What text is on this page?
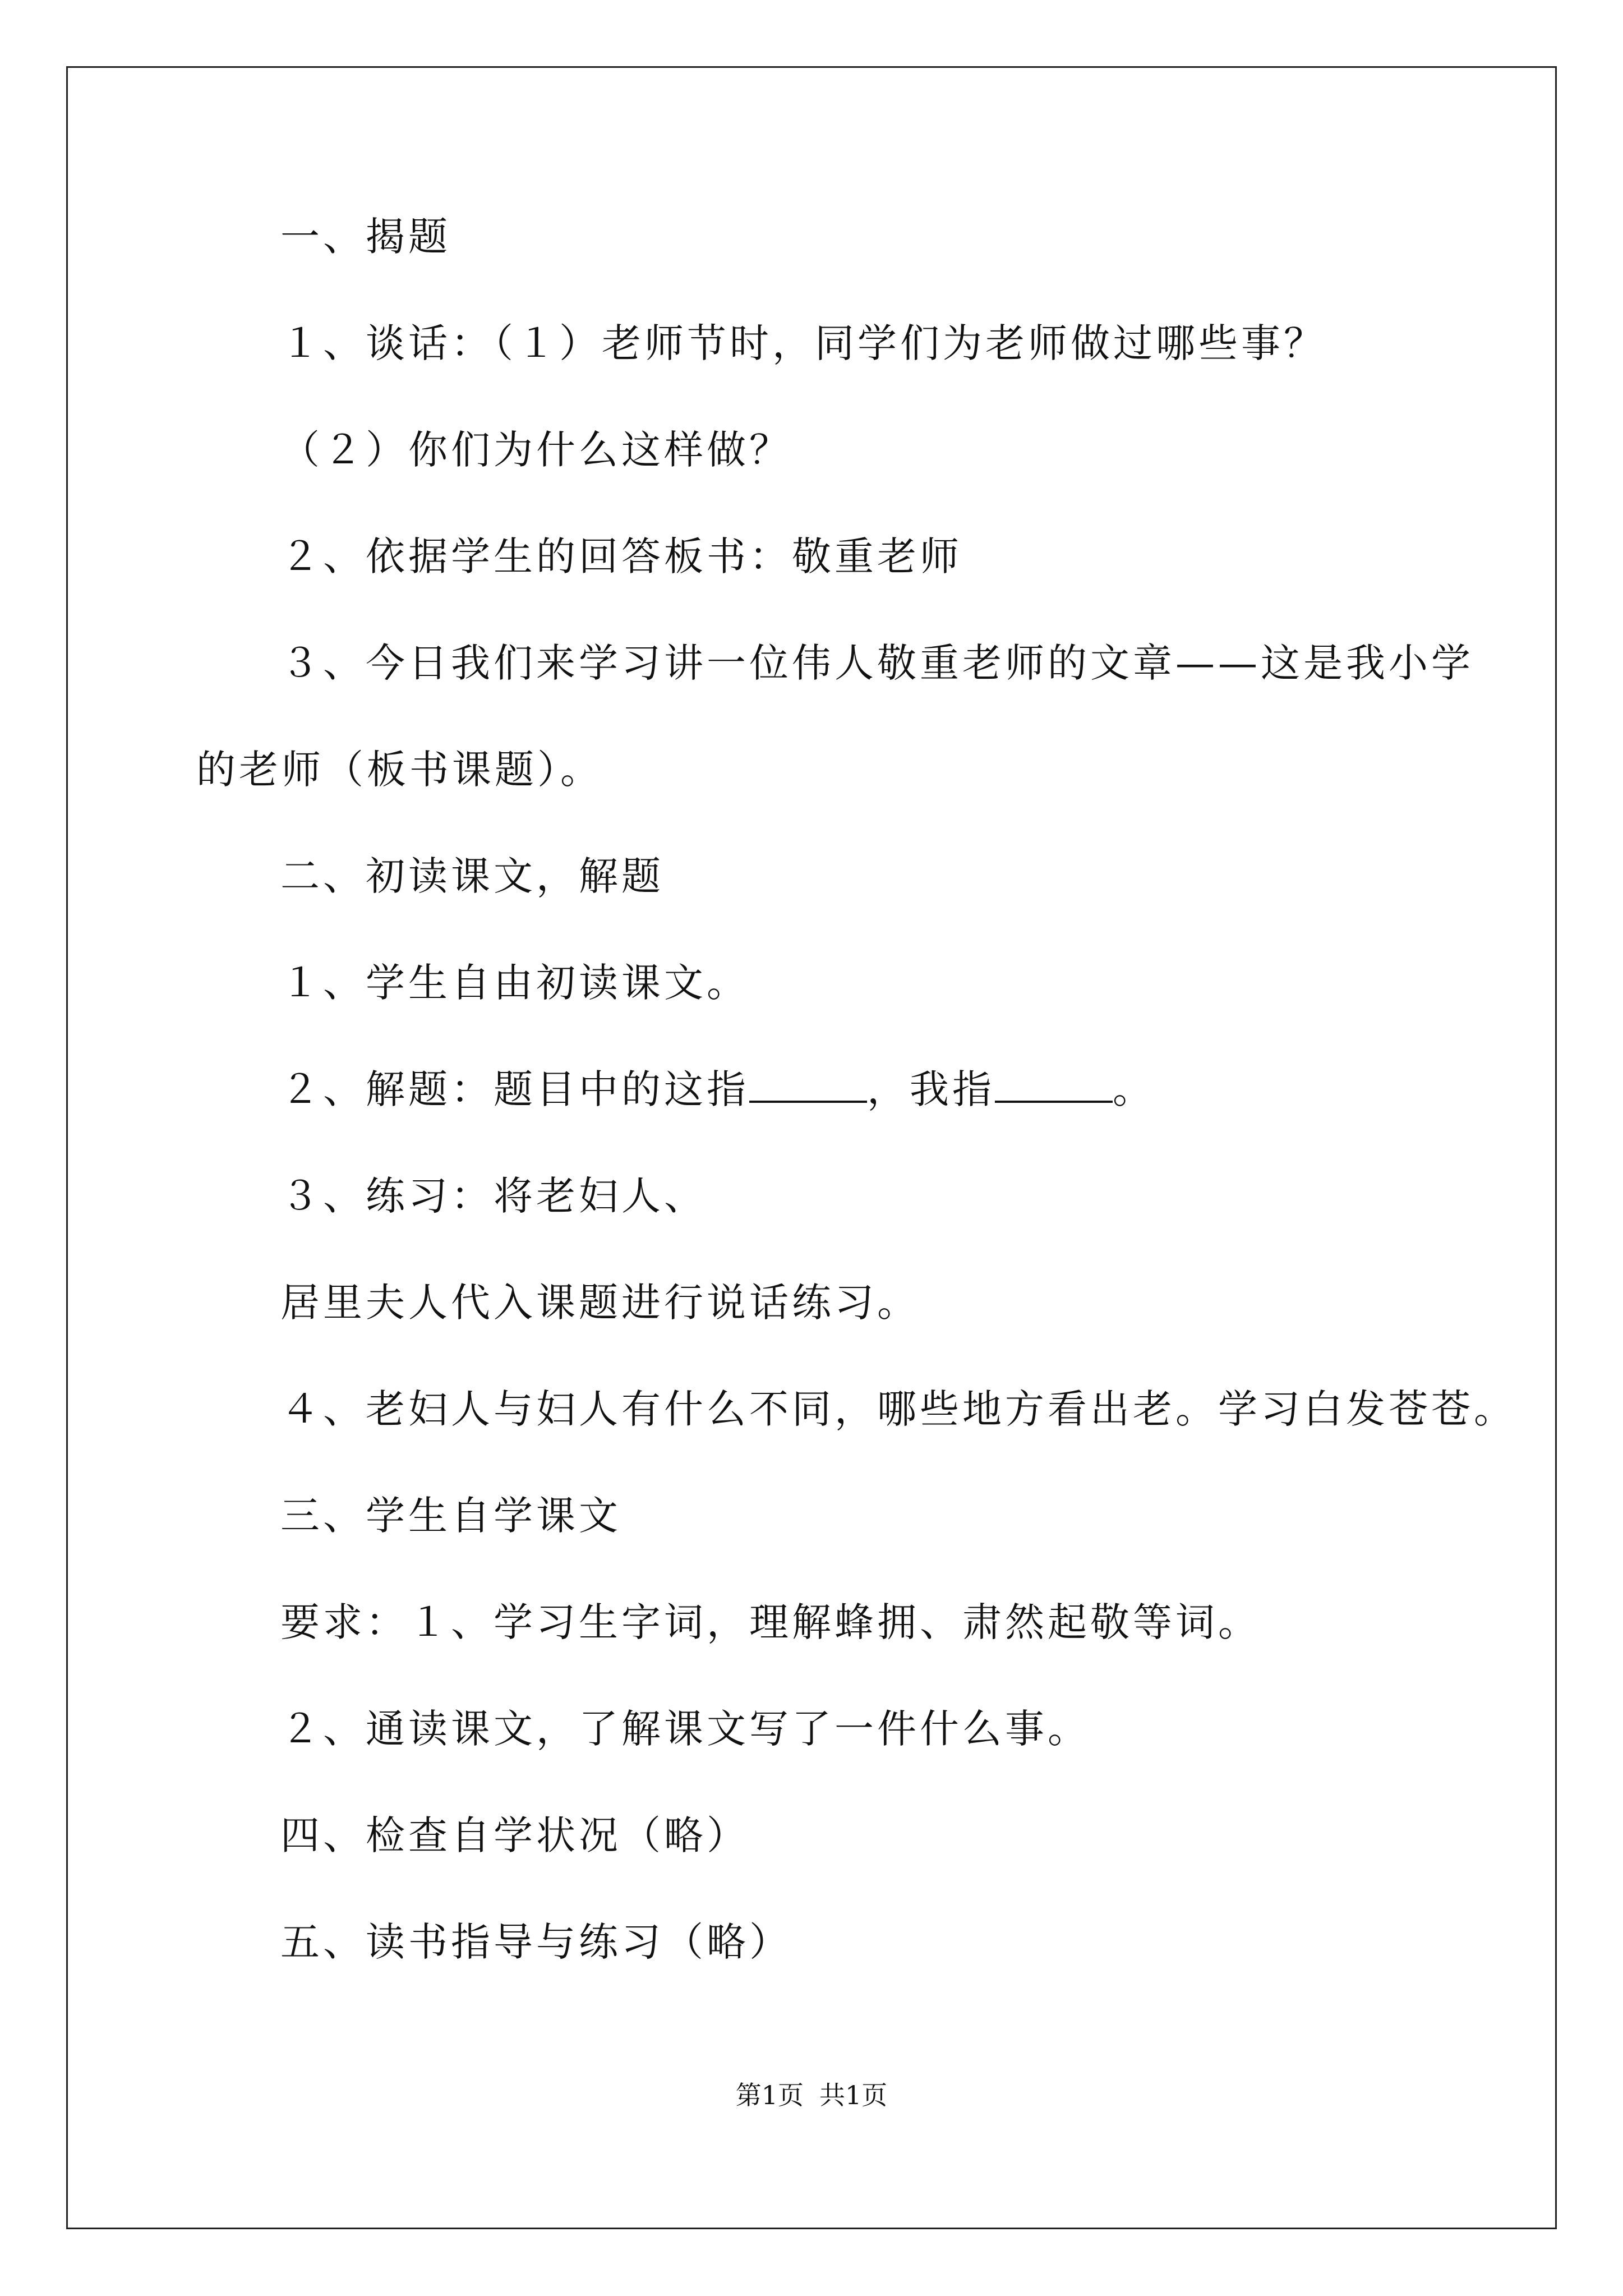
一、揭题
１、谈话：（１）老师节时，同学们为老师做过哪些事？
（２）你们为什么这样做？
２、依据学生的回答板书：敬重老师
３、今日我们来学习讲一位伟人敬重老师的文章——这是我小学
的老师（板书课题）。
二、初读课文，解题
１、学生自由初读课文。
２、解题：题目中的这指	，我指	。
３、练习：将老妇人、
居里夫人代入课题进行说话练习。
４、老妇人与妇人有什么不同，哪些地方看出老。学习白发苍苍。
三、学生自学课文
要求：１、学习生字词，理解蜂拥、肃然起敬等词。
２、通读课文，了解课文写了一件什么事。
四、检查自学状况（略）
五、读书指导与练习（略）
第1页 共1页
